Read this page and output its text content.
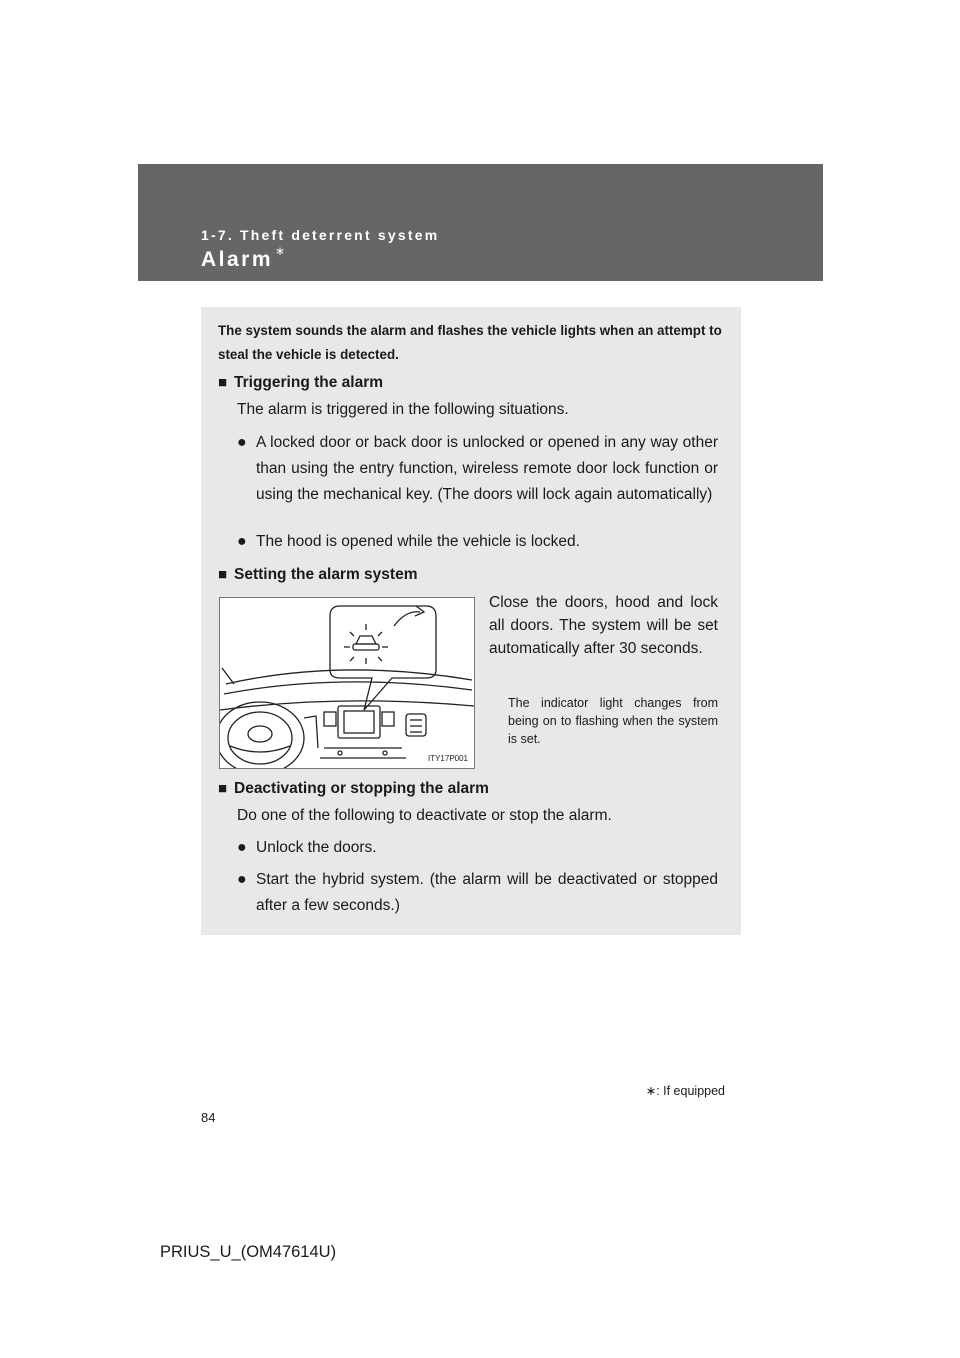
1-7. Theft deterrent system
Alarm ∗
The system sounds the alarm and flashes the vehicle lights when an attempt to steal the vehicle is detected.
■ Triggering the alarm
The alarm is triggered in the following situations.
● A locked door or back door is unlocked or opened in any way other than using the entry function, wireless remote door lock function or using the mechanical key. (The doors will lock again automatically)
● The hood is opened while the vehicle is locked.
■ Setting the alarm system
ITY17P001
Close the doors, hood and lock all doors. The system will be set automatically after 30 seconds.
The indicator light changes from being on to flashing when the system is set.
■ Deactivating or stopping the alarm
Do one of the following to deactivate or stop the alarm.
● Unlock the doors.
● Start the hybrid system. (the alarm will be deactivated or stopped after a few seconds.)
∗: If equipped
84
PRIUS_U_(OM47614U)
